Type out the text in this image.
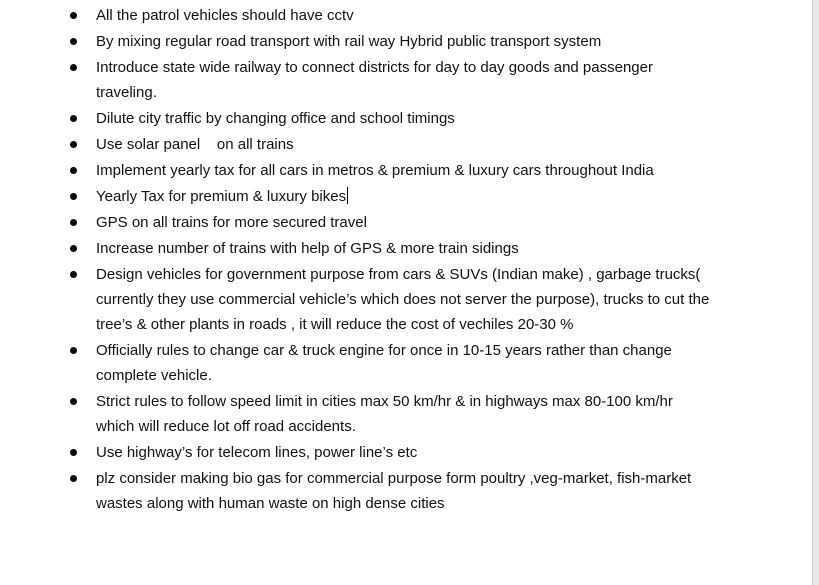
All the patrol vehicles should have cctv
By mixing regular road transport with rail way Hybrid public transport system
Introduce state wide railway to connect districts for day to day goods and passenger traveling.
Dilute city traffic by changing office and school timings
Use solar panel    on all trains
Implement yearly tax for all cars in metros & premium & luxury cars throughout India
Yearly Tax for premium & luxury bikes
GPS on all trains for more secured travel
Increase number of trains with help of GPS & more train sidings
Design vehicles for government purpose from cars & SUVs (Indian make) , garbage trucks( currently they use commercial vehicle’s which does not server the purpose), trucks to cut the tree’s & other plants in roads , it will reduce the cost of vechiles 20-30 %
Officially rules to change car & truck engine for once in 10-15 years rather than change complete vehicle.
Strict rules to follow speed limit in cities max 50 km/hr & in highways max 80-100 km/hr which will reduce lot off road accidents.
Use highway’s for telecom lines, power line’s etc
plz consider making bio gas for commercial purpose form poultry ,veg-market, fish-market wastes along with human waste on high dense cities
